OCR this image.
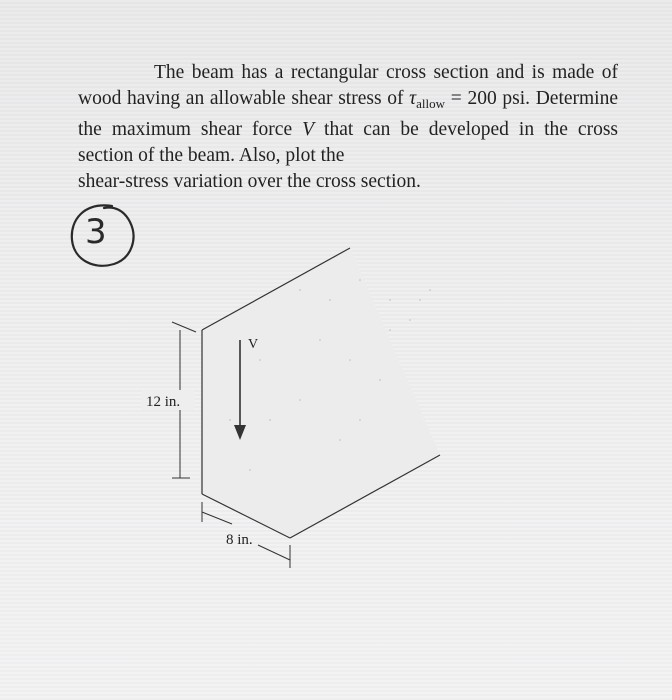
The beam has a rectangular cross section and is made of wood having an allowable shear stress of $\tau_{allow} = 200$ psi. Determine the maximum shear force V that can be developed in the cross section of the beam. Also, plot the
shear-stress variation over the cross section.

3
12 in.
8 in.
V
